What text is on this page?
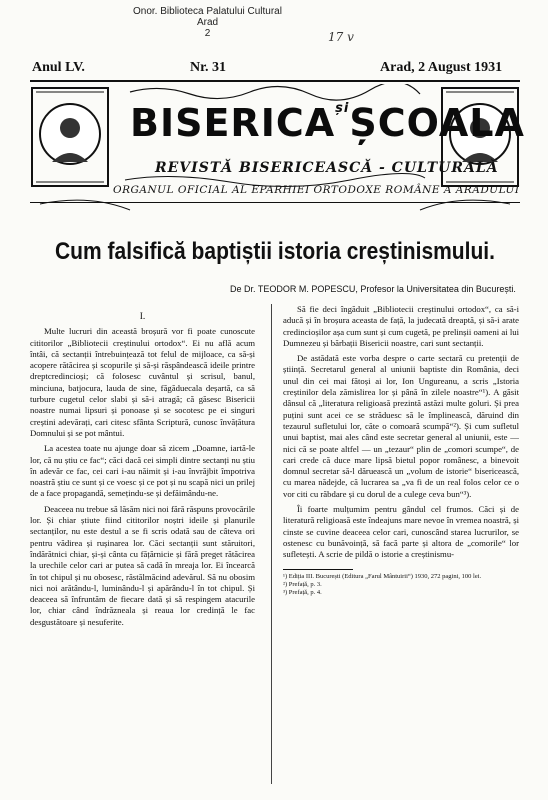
Onor. Biblioteca Palatului Cultural
Arad
2	17 v
Anul LV.	Nr. 31	Arad, 2 August 1931
$BISERICA^{și}ȘCOALA$
REVISTĂ BISERICEASCĂ - CULTURALĂ
ORGANUL OFICIAL AL EPARHIEI ORTODOXE ROMÂNE A ARADULUI
Cum falsifică baptiștii istoria creștinismului.
De Dr. TEODOR M. POPESCU, Profesor la Universitatea din București.

I.

Multe lucruri din această broșură vor fi poate cunoscute cititorilor „Bibliotecii creștinului ortodox“. Ei nu află acum întâi, că sectanții întrebuințează tot felul de mijloace, ca să-și acopere rătăcirea și scopurile și să-și răspândească ideile printre dreptcredincioși; că folosesc cuvântul și scrisul, banul, minciuna, batjocura, lauda de sine, făgăduecala deșartă, ca să turbure cugetul celor slabi și să-i atragă; că găsesc Bisericii noastre numai lipsuri și ponoase și se socotesc pe ei singuri creștini adevărați, cari citesc sfânta Scriptură, cunosc învățătura Domnului și se pot mântui.

La acestea toate nu ajunge doar să zicem „Doamne, iartă-le lor, că nu știu ce fac“; căci dacă cei simpli dintre sectanți nu știu în adevăr ce fac, cei cari i-au năimit și i-au învrăjbit împotriva noastră știu ce sunt și ce voesc și ce pot și nu scapă nici un prilej de a face propagandă, semețindu-se și defăimându-ne.

Deaceea nu trebue să lăsăm nici noi fără răspuns provocările lor. Și chiar știute fiind cititorilor noștri ideile și planurile sectanților, nu este destul a se fi scris odată sau de câteva ori pentru vădirea și rușinarea lor. Căci sectanții sunt stăruitori, îndărătnici chiar, și-și cânta cu fățărnicie și fără preget rătăcirea la urechile celor cari ar putea să cadă în mreaja lor. Ei încearcă în tot chipul și nu obosesc, răstălmăcind adevărul. Să nu obosim nici noi arătându-l, luminându-l și apărându-l în tot chipul. Și deaceea să înfruntăm de fiecare dată și să respingem atacurile lor, chiar când îndrăzneala și reaua lor credință le fac desgustătoare și nesuferite.

Să fie deci îngăduit „Bibliotecii creștinului ortodox“, ca să-i aducă și în broșura aceasta de față, la judecată dreaptă, și să-i arate credincioșilor așa cum sunt și cum cugetă, pe prelinșii oameni ai lui Dumnezeu și bărbații Bisericii noastre, cari sunt sectanții.

De astădată este vorba despre o carte sectară cu pretenții de știință. Secretarul general al uniunii baptiste din România, deci unul din cei mai fătoși ai lor, Ion Ungureanu, a scris „Istoria creștinilor dela zămislirea lor și până în zilele noastre“¹). A găsit dânsul că „literatura religioasă prezintă astăzi multe goluri. Și prea puțini sunt acei ce se străduesc să le împlinească, dăruind din tezaurul sufletului lor, căte o comoară scumpă“²). Și cum sufletul unui baptist, mai ales când este secretar general al uniunii, este — nici că se poate altfel — un „tezaur“ plin de „comori scumpe“, de cari crede că duce mare lipsă bietul popor românesc, a binevoit domnul secretar să-l dăruească un „volum de istorie“ bisericească, cu marea nădejde, că lucrarea sa „va fi de un real folos celor ce o vor citi cu răbdare și cu dorul de a culege ceva bun“³).

Îi foarte mulțumim pentru gândul cel frumos. Căci și de literatură religioasă este îndeajuns mare nevoe în vremea noastră, și cinste se cuvine deaceea celor cari, cunoscând starea lucrurilor, se ostenesc cu bunăvoință, să facă parte și altora de „comorile“ lor sufletești. A scrie de pildă o istorie a creștinismu-

¹) Ediția III. București (Editura „Farul Mântuirii“) 1930, 272 pagini, 100 lei.

²) Prefață, p. 3.

³) Prefață, p. 4.
